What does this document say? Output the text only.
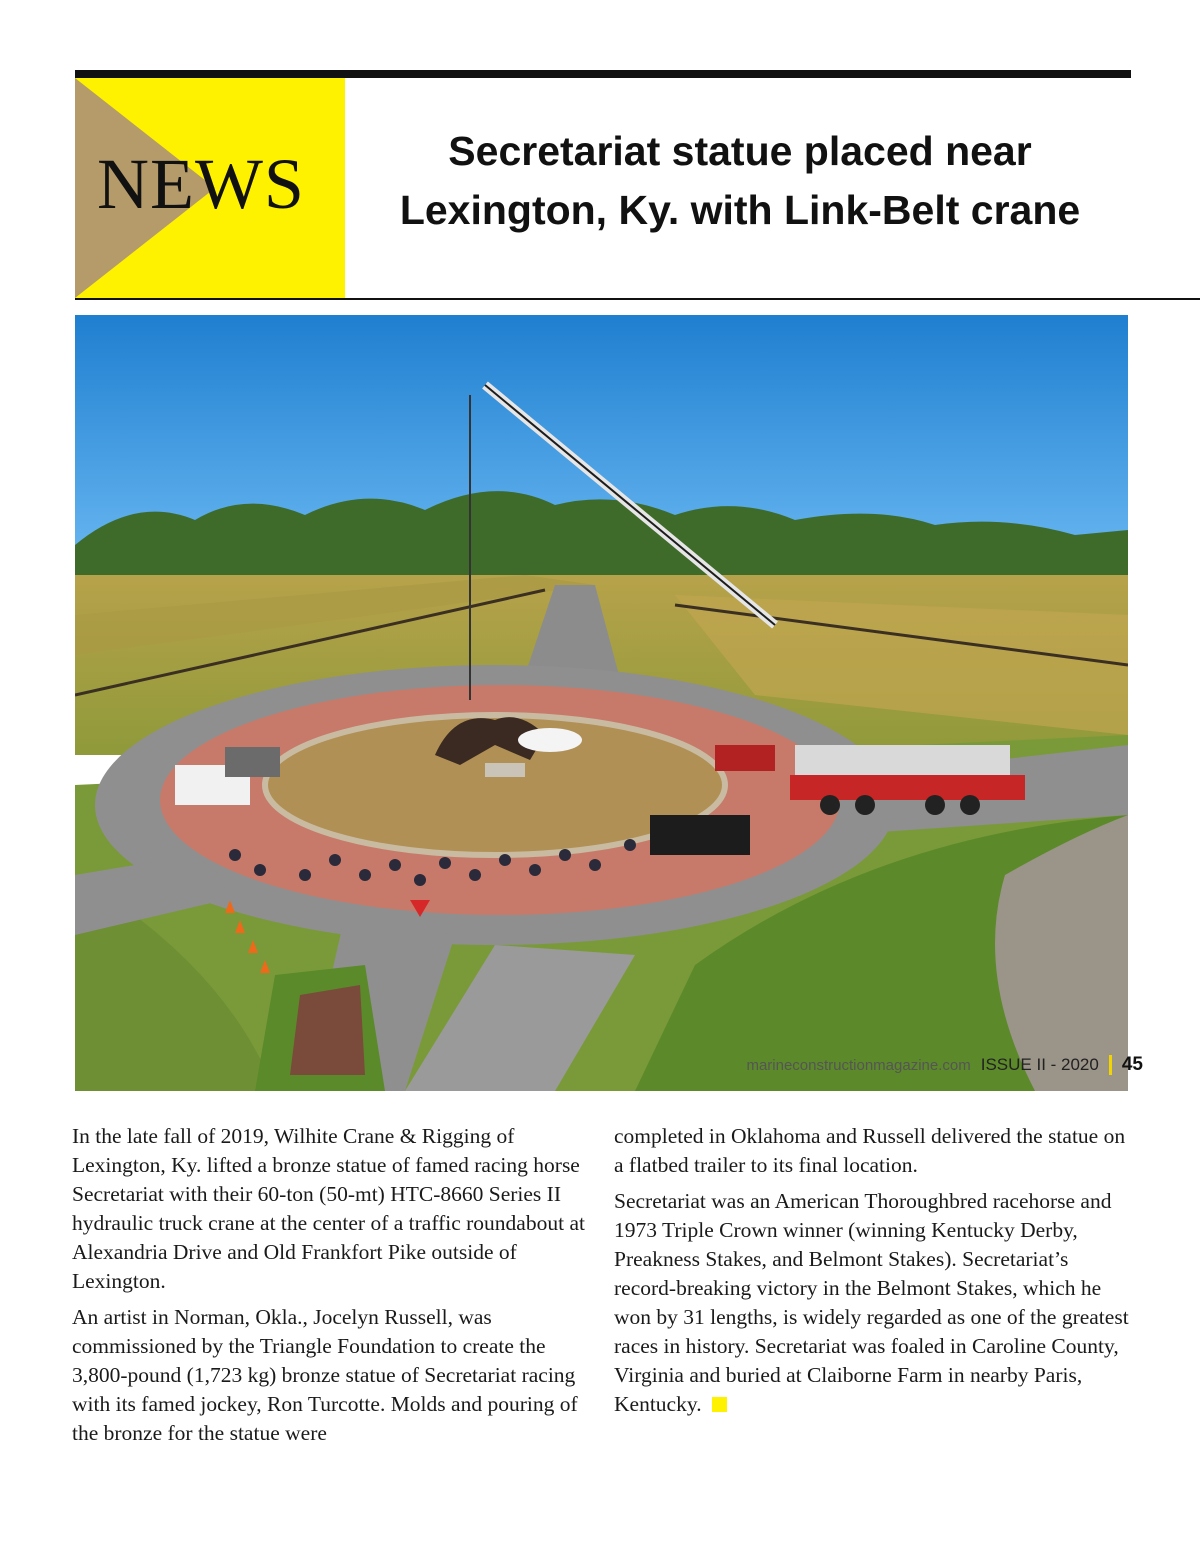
NEWS	Secretariat statue placed near
Lexington, Ky. with Link-Belt crane

In the late fall of 2019, Wilhite Crane & Rigging of Lexington, Ky. lifted a bronze statue of famed racing horse Secretariat with their 60-ton (50-mt) HTC-8660 Series II hydraulic truck crane at the center of a traffic roundabout at Alexandria Drive and Old Frankfort Pike outside of Lexington.

An artist in Norman, Okla., Jocelyn Russell, was commissioned by the Triangle Foundation to create the 3,800-pound (1,723 kg) bronze statue of Secretariat racing with its famed jockey, Ron Turcotte. Molds and pouring of the bronze for the statue were

completed in Oklahoma and Russell delivered the statue on a flatbed trailer to its final location.

Secretariat was an American Thoroughbred racehorse and 1973 Triple Crown winner (winning Kentucky Derby, Preakness Stakes, and Belmont Stakes). Secretariat’s record-breaking victory in the Belmont Stakes, which he won by 31 lengths, is widely regarded as one of the greatest races in history. Secretariat was foaled in Caroline County, Virginia and buried at Claiborne Farm in nearby Paris, Kentucky.

marineconstructionmagazine.com ISSUE II - 2020 45
